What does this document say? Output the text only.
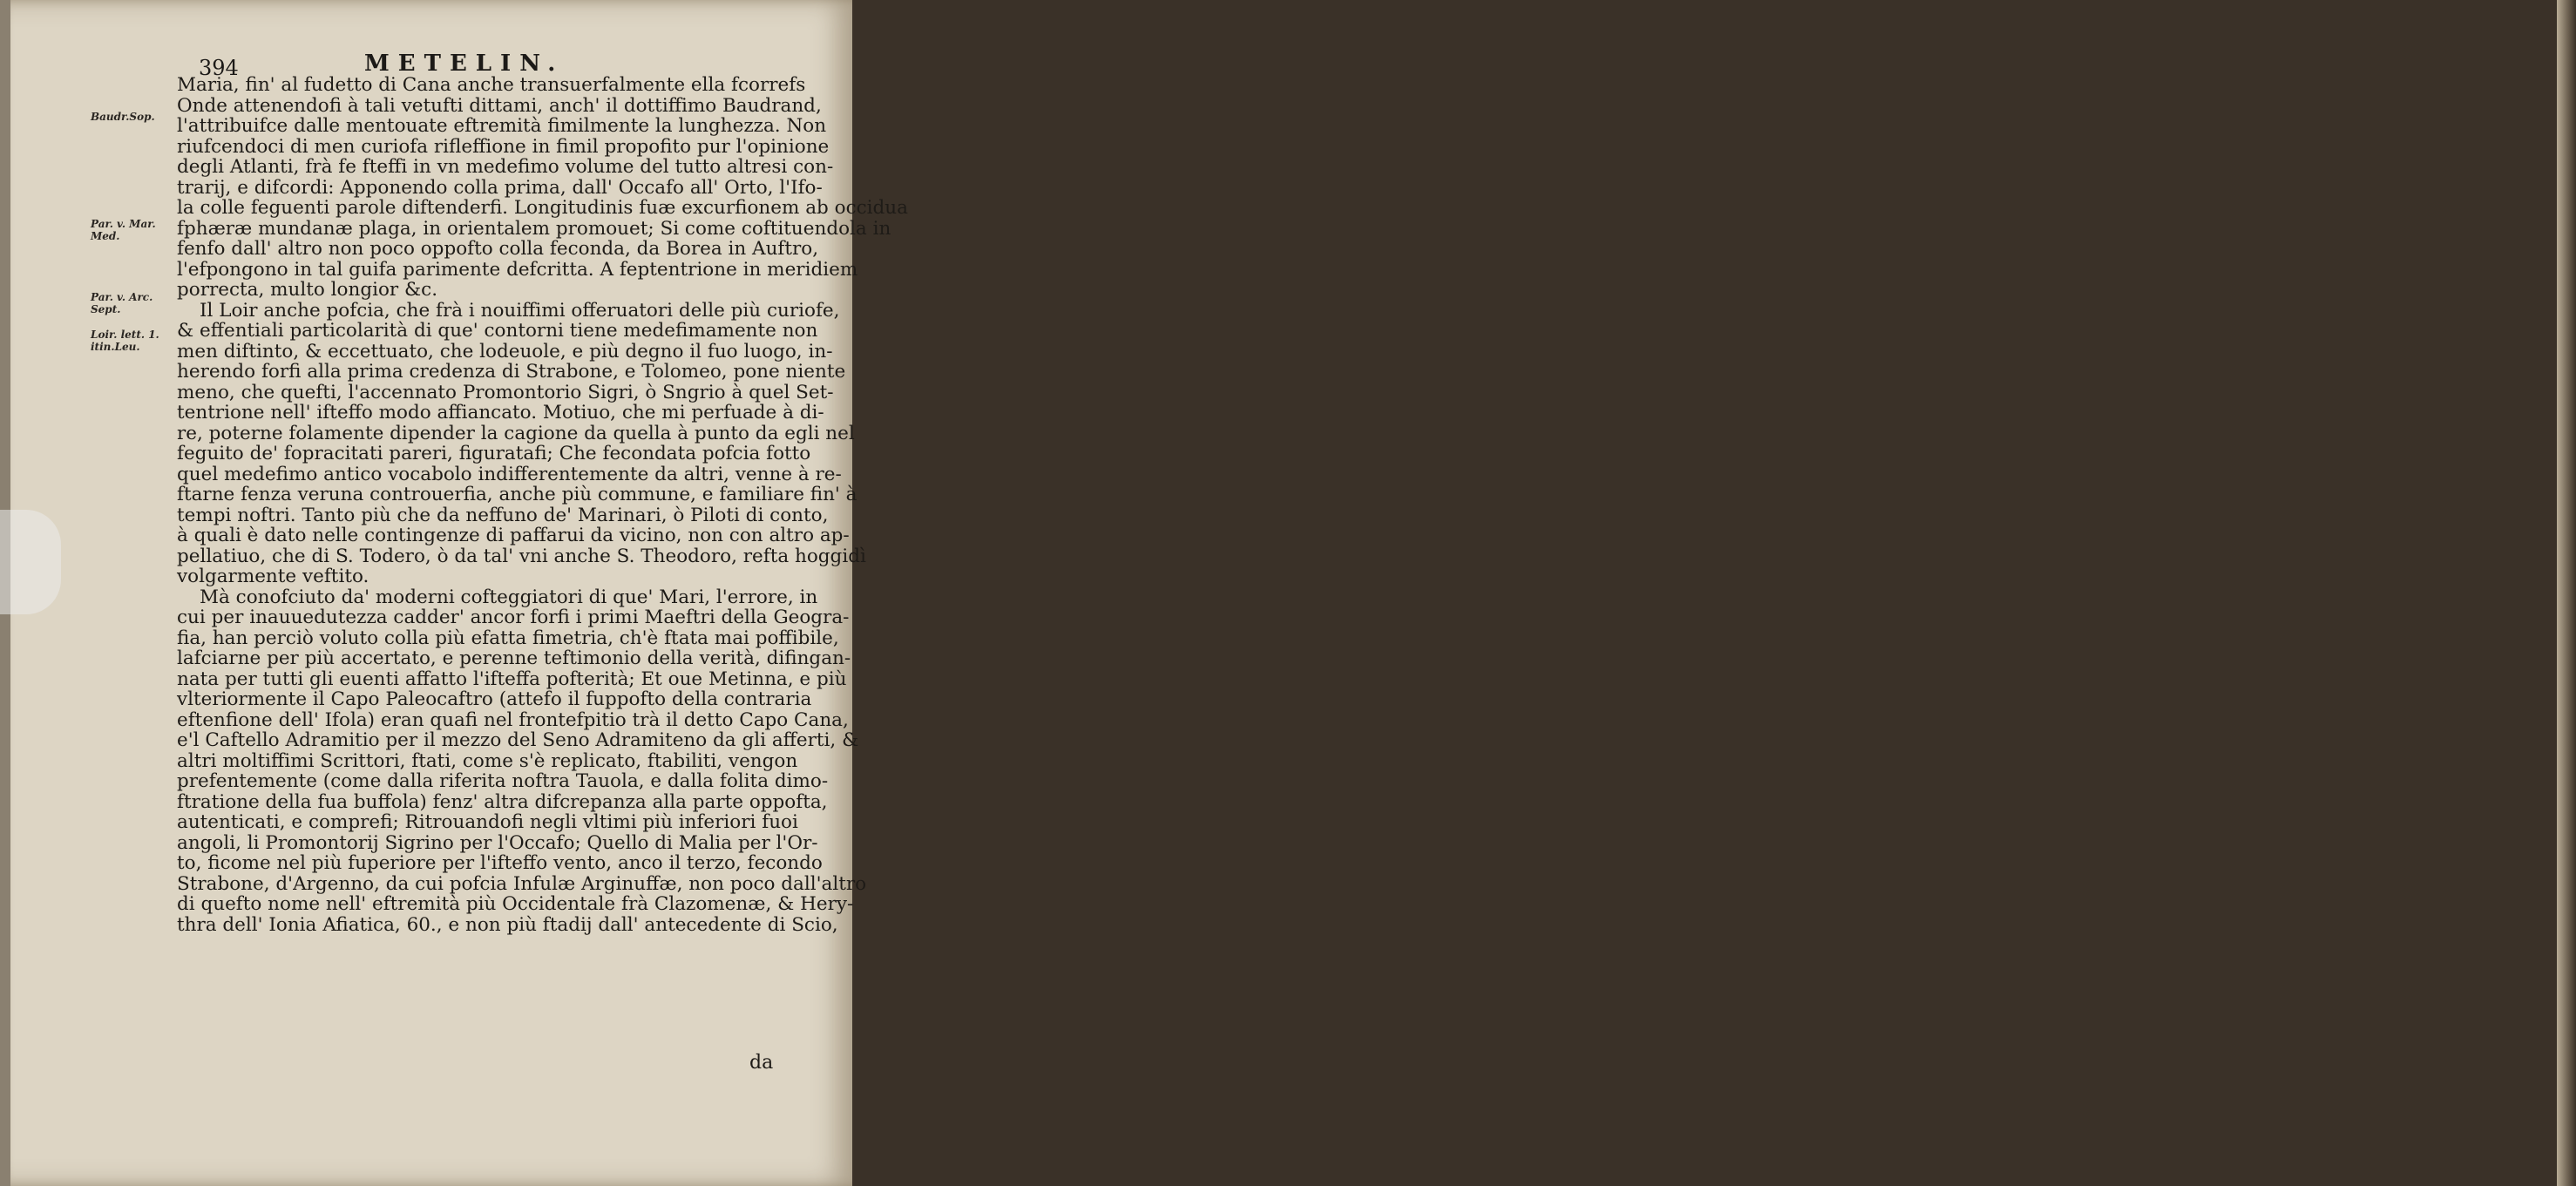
394	METELIN.
Baudr.Sop.
Par. v. Mar.
Med.
Par. v. Arc.
Sept.
Loir. lett. 1.
itin.Leu.
Maria, fin' al fudetto di Cana anche transuerfalmente ella fcorrefs
Onde attenendofi à tali vetufti dittami, anch' il dottiffimo Baudrand,
l'attribuifce dalle mentouate eftremità fimilmente la lunghezza. Non
riufcendoci di men curiofa rifleffione in fimil propofito pur l'opinione
degli Atlanti, frà fe fteffi in vn medefimo volume del tutto altresi con-
trarij, e difcordi: Apponendo colla prima, dall' Occafo all' Orto, l'Ifo-
la colle feguenti parole diftenderfi. Longitudinis fuæ excurfionem ab occidua
fphæræ mundanæ plaga, in orientalem promouet; Si come coftituendola in
fenfo dall' altro non poco oppofto colla feconda, da Borea in Auftro,
l'efpongono in tal guifa parimente defcritta. A feptentrione in meridiem
porrecta, multo longior &c.
Il Loir anche pofcia, che frà i nouiffimi offeruatori delle più curiofe,
& effentiali particolarità di que' contorni tiene medefimamente non
men diftinto, & eccettuato, che lodeuole, e più degno il fuo luogo, in-
herendo forfi alla prima credenza di Strabone, e Tolomeo, pone niente
meno, che quefti, l'accennato Promontorio Sigri, ò Sngrio à quel Set-
tentrione nell' ifteffo modo affiancato. Motiuo, che mi perfuade à di-
re, poterne folamente dipender la cagione da quella à punto da egli nel
feguito de' fopracitati pareri, figuratafi; Che fecondata pofcia fotto
quel medefimo antico vocabolo indifferentemente da altri, venne à re-
ftarne fenza veruna controuerfia, anche più commune, e familiare fin' à
tempi noftri. Tanto più che da neffuno de' Marinari, ò Piloti di conto,
à quali è dato nelle contingenze di paffarui da vicino, non con altro ap-
pellatiuo, che di S. Todero, ò da tal' vni anche S. Theodoro, refta hoggidì
volgarmente veftito.
Mà conofciuto da' moderni cofteggiatori di que' Mari, l'errore, in
cui per inauuedutezza cadder' ancor forfi i primi Maeftri della Geogra-
fia, han perciò voluto colla più efatta fimetria, ch'è ftata mai poffibile,
lafciarne per più accertato, e perenne teftimonio della verità, difingan-
nata per tutti gli euenti affatto l'ifteffa pofterità; Et oue Metinna, e più
vlteriormente il Capo Paleocaftro (attefo il fuppofto della contraria
eftenfione dell' Ifola) eran quafi nel frontefpitio trà il detto Capo Cana,
e'l Caftello Adramitio per il mezzo del Seno Adramiteno da gli afferti, &
altri moltiffimi Scrittori, ftati, come s'è replicato, ftabiliti, vengon
prefentemente (come dalla riferita noftra Tauola, e dalla folita dimo-
ftratione della fua buffola) fenz' altra difcrepanza alla parte oppofta,
autenticati, e comprefi; Ritrouandofi negli vltimi più inferiori fuoi
angoli, li Promontorij Sigrino per l'Occafo; Quello di Malia per l'Or-
to, ficome nel più fuperiore per l'ifteffo vento, anco il terzo, fecondo
Strabone, d'Argenno, da cui pofcia Infulæ Arginuffæ, non poco dall'altro
di quefto nome nell' eftremità più Occidentale frà Clazomenæ, & Hery-
thra dell' Ionia Afiatica, 60., e non più ftadij dall' antecedente di Scio,
da
